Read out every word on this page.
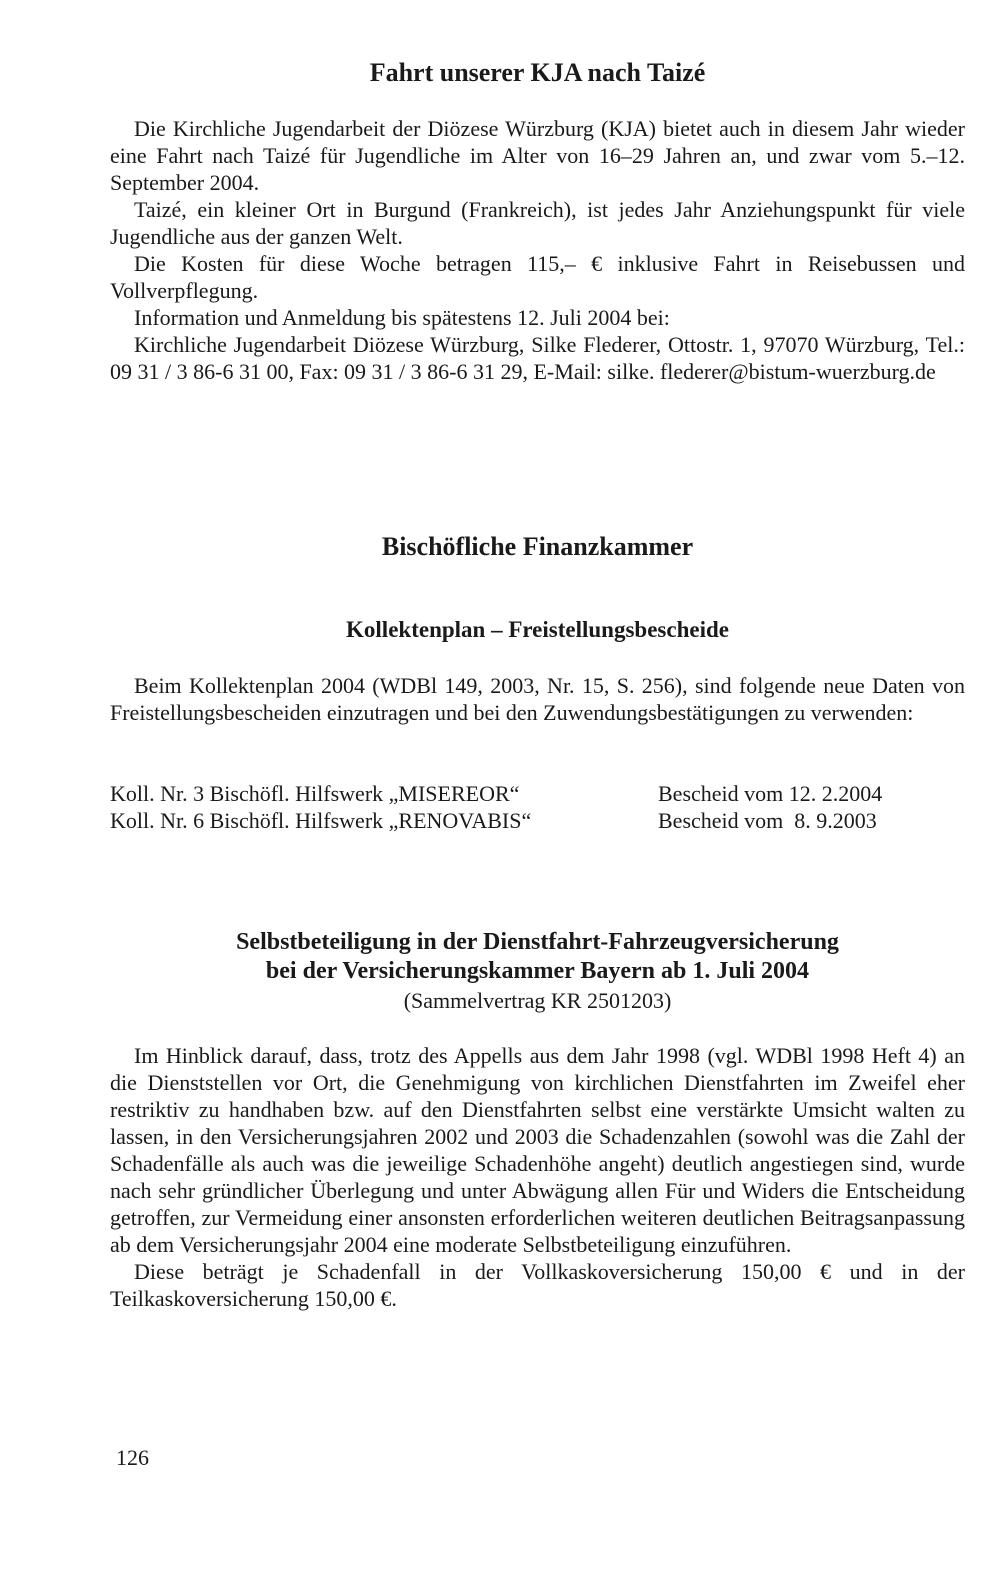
Fahrt unserer KJA nach Taizé

Die Kirchliche Jugendarbeit der Diözese Würzburg (KJA) bietet auch in diesem Jahr wieder eine Fahrt nach Taizé für Jugendliche im Alter von 16–29 Jahren an, und zwar vom 5.–12. September 2004.

Taizé, ein kleiner Ort in Burgund (Frankreich), ist jedes Jahr Anziehungspunkt für viele Jugendliche aus der ganzen Welt.

Die Kosten für diese Woche betragen 115,– € inklusive Fahrt in Reisebussen und Vollverpflegung.

Information und Anmeldung bis spätestens 12. Juli 2004 bei:

Kirchliche Jugendarbeit Diözese Würzburg, Silke Flederer, Ottostr. 1, 97070 Würzburg, Tel.: 09 31 / 3 86-6 31 00, Fax: 09 31 / 3 86-6 31 29, E-Mail: silke. flederer@bistum-wuerzburg.de

Bischöfliche Finanzkammer
Kollektenplan – Freistellungsbescheide

Beim Kollektenplan 2004 (WDBl 149, 2003, Nr. 15, S. 256), sind folgende neue Daten von Freistellungsbescheiden einzutragen und bei den Zuwendungsbestätigungen zu verwenden:

Koll. Nr. 3 Bischöfl. Hilfswerk „MISEREOR“	Bescheid vom 12. 2.2004
Koll. Nr. 6 Bischöfl. Hilfswerk „RENOVABIS“	Bescheid vom  8. 9.2003
Selbstbeteiligung in der Dienstfahrt-Fahrzeugversicherung
bei der Versicherungskammer Bayern ab 1. Juli 2004

(Sammelvertrag KR 2501203)

Im Hinblick darauf, dass, trotz des Appells aus dem Jahr 1998 (vgl. WDBl 1998 Heft 4) an die Dienststellen vor Ort, die Genehmigung von kirchlichen Dienstfahrten im Zweifel eher restriktiv zu handhaben bzw. auf den Dienstfahrten selbst eine verstärkte Umsicht walten zu lassen, in den Versicherungsjahren 2002 und 2003 die Schadenzahlen (sowohl was die Zahl der Schadenfälle als auch was die jeweilige Schadenhöhe angeht) deutlich angestiegen sind, wurde nach sehr gründlicher Überlegung und unter Abwägung allen Für und Widers die Entscheidung getroffen, zur Vermeidung einer ansonsten erforderlichen weiteren deutlichen Beitragsanpassung ab dem Versicherungsjahr 2004 eine moderate Selbstbeteiligung einzuführen.

Diese beträgt je Schadenfall in der Vollkaskoversicherung 150,00 € und in der Teilkaskoversicherung 150,00 €.

126
